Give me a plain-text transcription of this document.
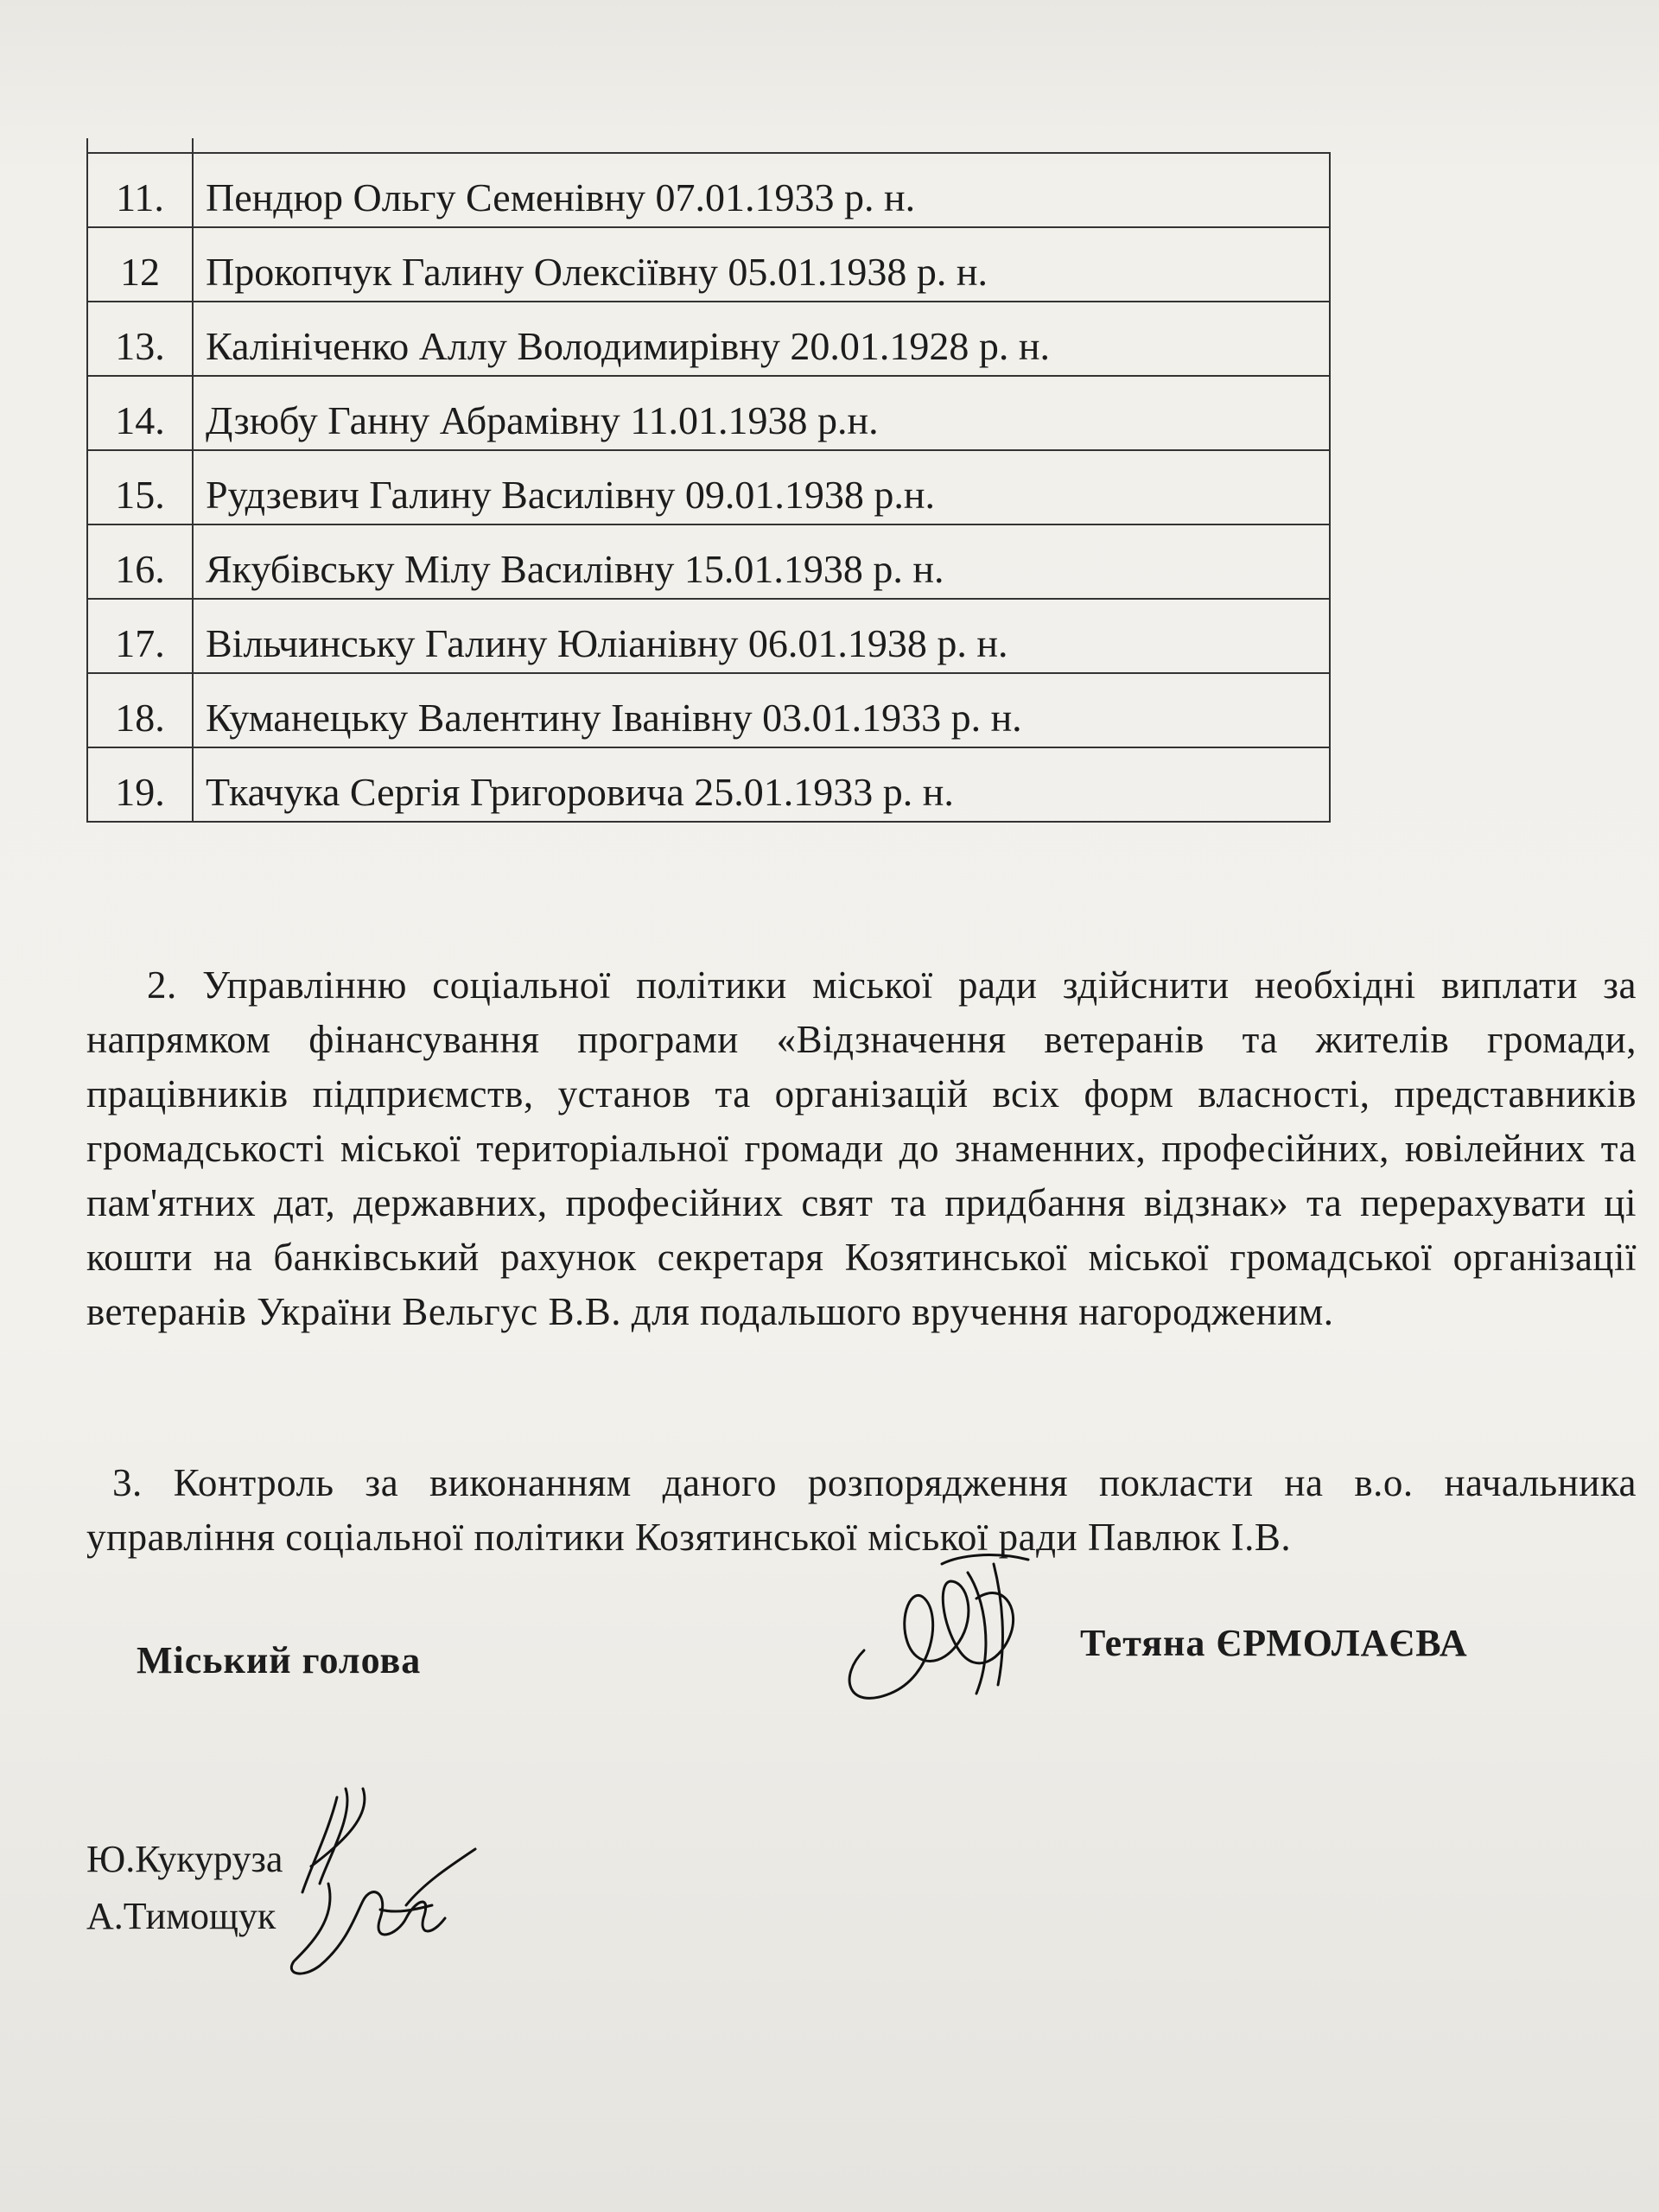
11.	Пендюр Ольгу Семенівну 07.01.1933 р. н.
12	Прокопчук Галину Олексіївну 05.01.1938 р. н.
13.	Калініченко Аллу Володимирівну 20.01.1928 р. н.
14.	Дзюбу Ганну Абрамівну 11.01.1938 р.н.
15.	Рудзевич Галину Василівну 09.01.1938 р.н.
16.	Якубівську Мілу Василівну 15.01.1938 р. н.
17.	Вільчинську Галину Юліанівну 06.01.1938 р. н.
18.	Куманецьку Валентину Іванівну 03.01.1933 р. н.
19.	Ткачука Сергія Григоровича 25.01.1933 р. н.

2. Управлінню соціальної політики міської ради здійснити необхідні виплати за напрямком фінансування програми «Відзначення ветеранів та жителів громади, працівників підприємств, установ та організацій всіх форм власності, представників громадськості міської територіальної громади до знаменних, професійних, ювілейних та пам'ятних дат, державних, професійних свят та придбання відзнак» та перерахувати ці кошти на банківський рахунок секретаря Козятинської міської громадської організації ветеранів України Вельгус В.В. для подальшого вручення нагородженим.

3. Контроль за виконанням даного розпорядження покласти на в.о. начальника управління соціальної політики Козятинської міської ради Павлюк І.В.

Міський голова	Тетяна ЄРМОЛАЄВА
Ю.Кукуруза
А.Тимощук
